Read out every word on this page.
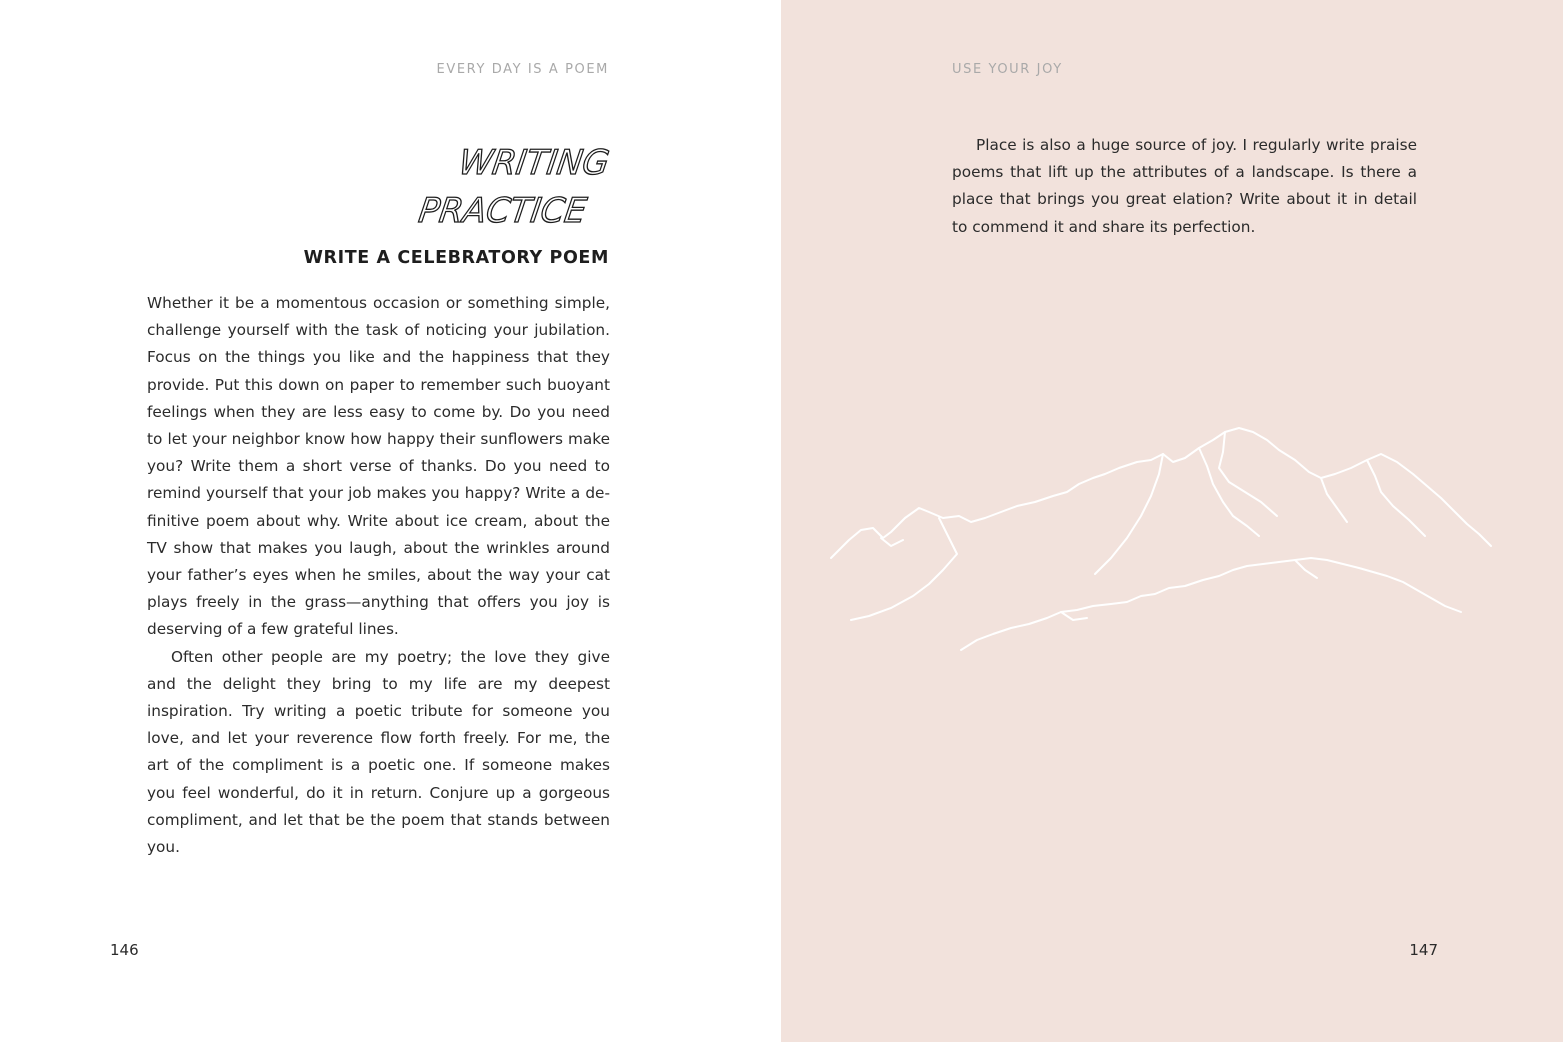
EVERY DAY IS A POEM
WRITING
PRACTICE
WRITE A CELEBRATORY POEM

Whether it be a momentous occasion or something simple, challenge yourself with the task of noticing your jubilation. Focus on the things you like and the happiness that they provide. Put this down on paper to remember such buoyant feelings when they are less easy to come by. Do you need to let your neighbor know how happy their sunflowers make you? Write them a short verse of thanks. Do you need to remind yourself that your job makes you happy? Write a definitive poem about why. Write about ice cream, about the TV show that makes you laugh, about the wrinkles around your father’s eyes when he smiles, about the way your cat plays freely in the grass—anything that offers you joy is deserving of a few grateful lines.

Often other people are my poetry; the love they give and the delight they bring to my life are my deepest inspiration. Try writing a poetic tribute for someone you love, and let your reverence flow forth freely. For me, the art of the compliment is a poetic one. If someone makes you feel wonderful, do it in return. Conjure up a gorgeous compliment, and let that be the poem that stands between you.

146
USE YOUR JOY

Place is also a huge source of joy. I regularly write praise poems that lift up the attributes of a landscape. Is there a place that brings you great elation? Write about it in detail to commend it and share its perfection.

147
